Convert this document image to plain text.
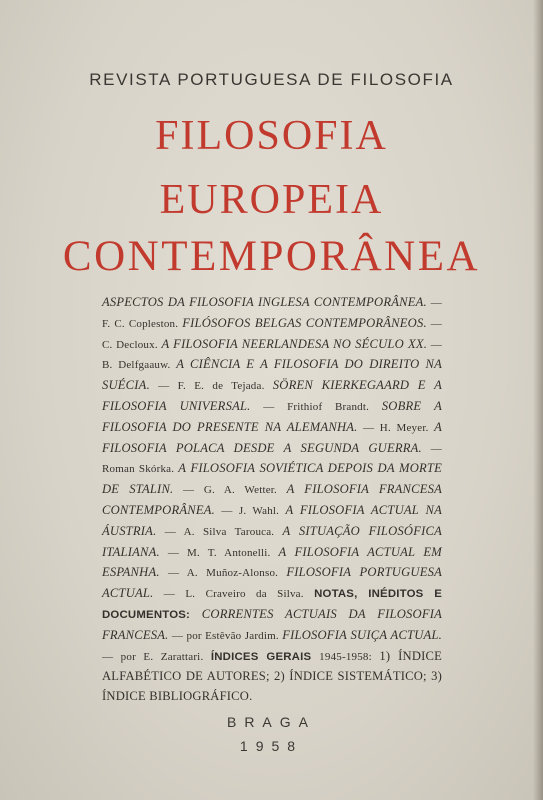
REVISTA PORTUGUESA DE FILOSOFIA
FILOSOFIA
EUROPEIA
CONTEMPORÂNEA
ASPECTOS DA FILOSOFIA INGLESA CONTEMPORÂNEA. — F. C. Copleston. FILÓSOFOS BELGAS CONTEMPORÂNEOS. — C. Decloux. A FILOSOFIA NEERLANDESA NO SÉCULO XX. — B. Delfgaauw. A CIÊNCIA E A FILOSOFIA DO DIREITO NA SUÉCIA. — F. E. de Tejada. SÖREN KIERKEGAARD E A FILOSOFIA UNIVERSAL. — Frithiof Brandt. SOBRE A FILOSOFIA DO PRESENTE NA ALEMANHA. — H. Meyer. A FILOSOFIA POLACA DESDE A SEGUNDA GUERRA. — Roman Skórka. A FILOSOFIA SOVIÉTICA DEPOIS DA MORTE DE STALIN. — G. A. Wetter. A FILOSOFIA FRANCESA CONTEMPORÂNEA. — J. Wahl. A FILOSOFIA ACTUAL NA ÁUSTRIA. — A. Silva Tarouca. A SITUAÇÃO FILOSÓFICA ITALIANA. — M. T. Antonelli. A FILOSOFIA ACTUAL EM ESPANHA. — A. Muñoz-Alonso. FILOSOFIA PORTUGUESA ACTUAL. — L. Craveiro da Silva. NOTAS, INÉDITOS E DOCUMENTOS: CORRENTES ACTUAIS DA FILOSOFIA FRANCESA. — por Estêvão Jardim. FILOSOFIA SUIÇA ACTUAL. — por E. Zarattari. ÍNDICES GERAIS 1945-1958: 1) ÍNDICE ALFABÉTICO DE AUTORES; 2) ÍNDICE SISTEMÁTICO; 3) ÍNDICE BIBLIOGRÁFICO.
BRAGA
1958
